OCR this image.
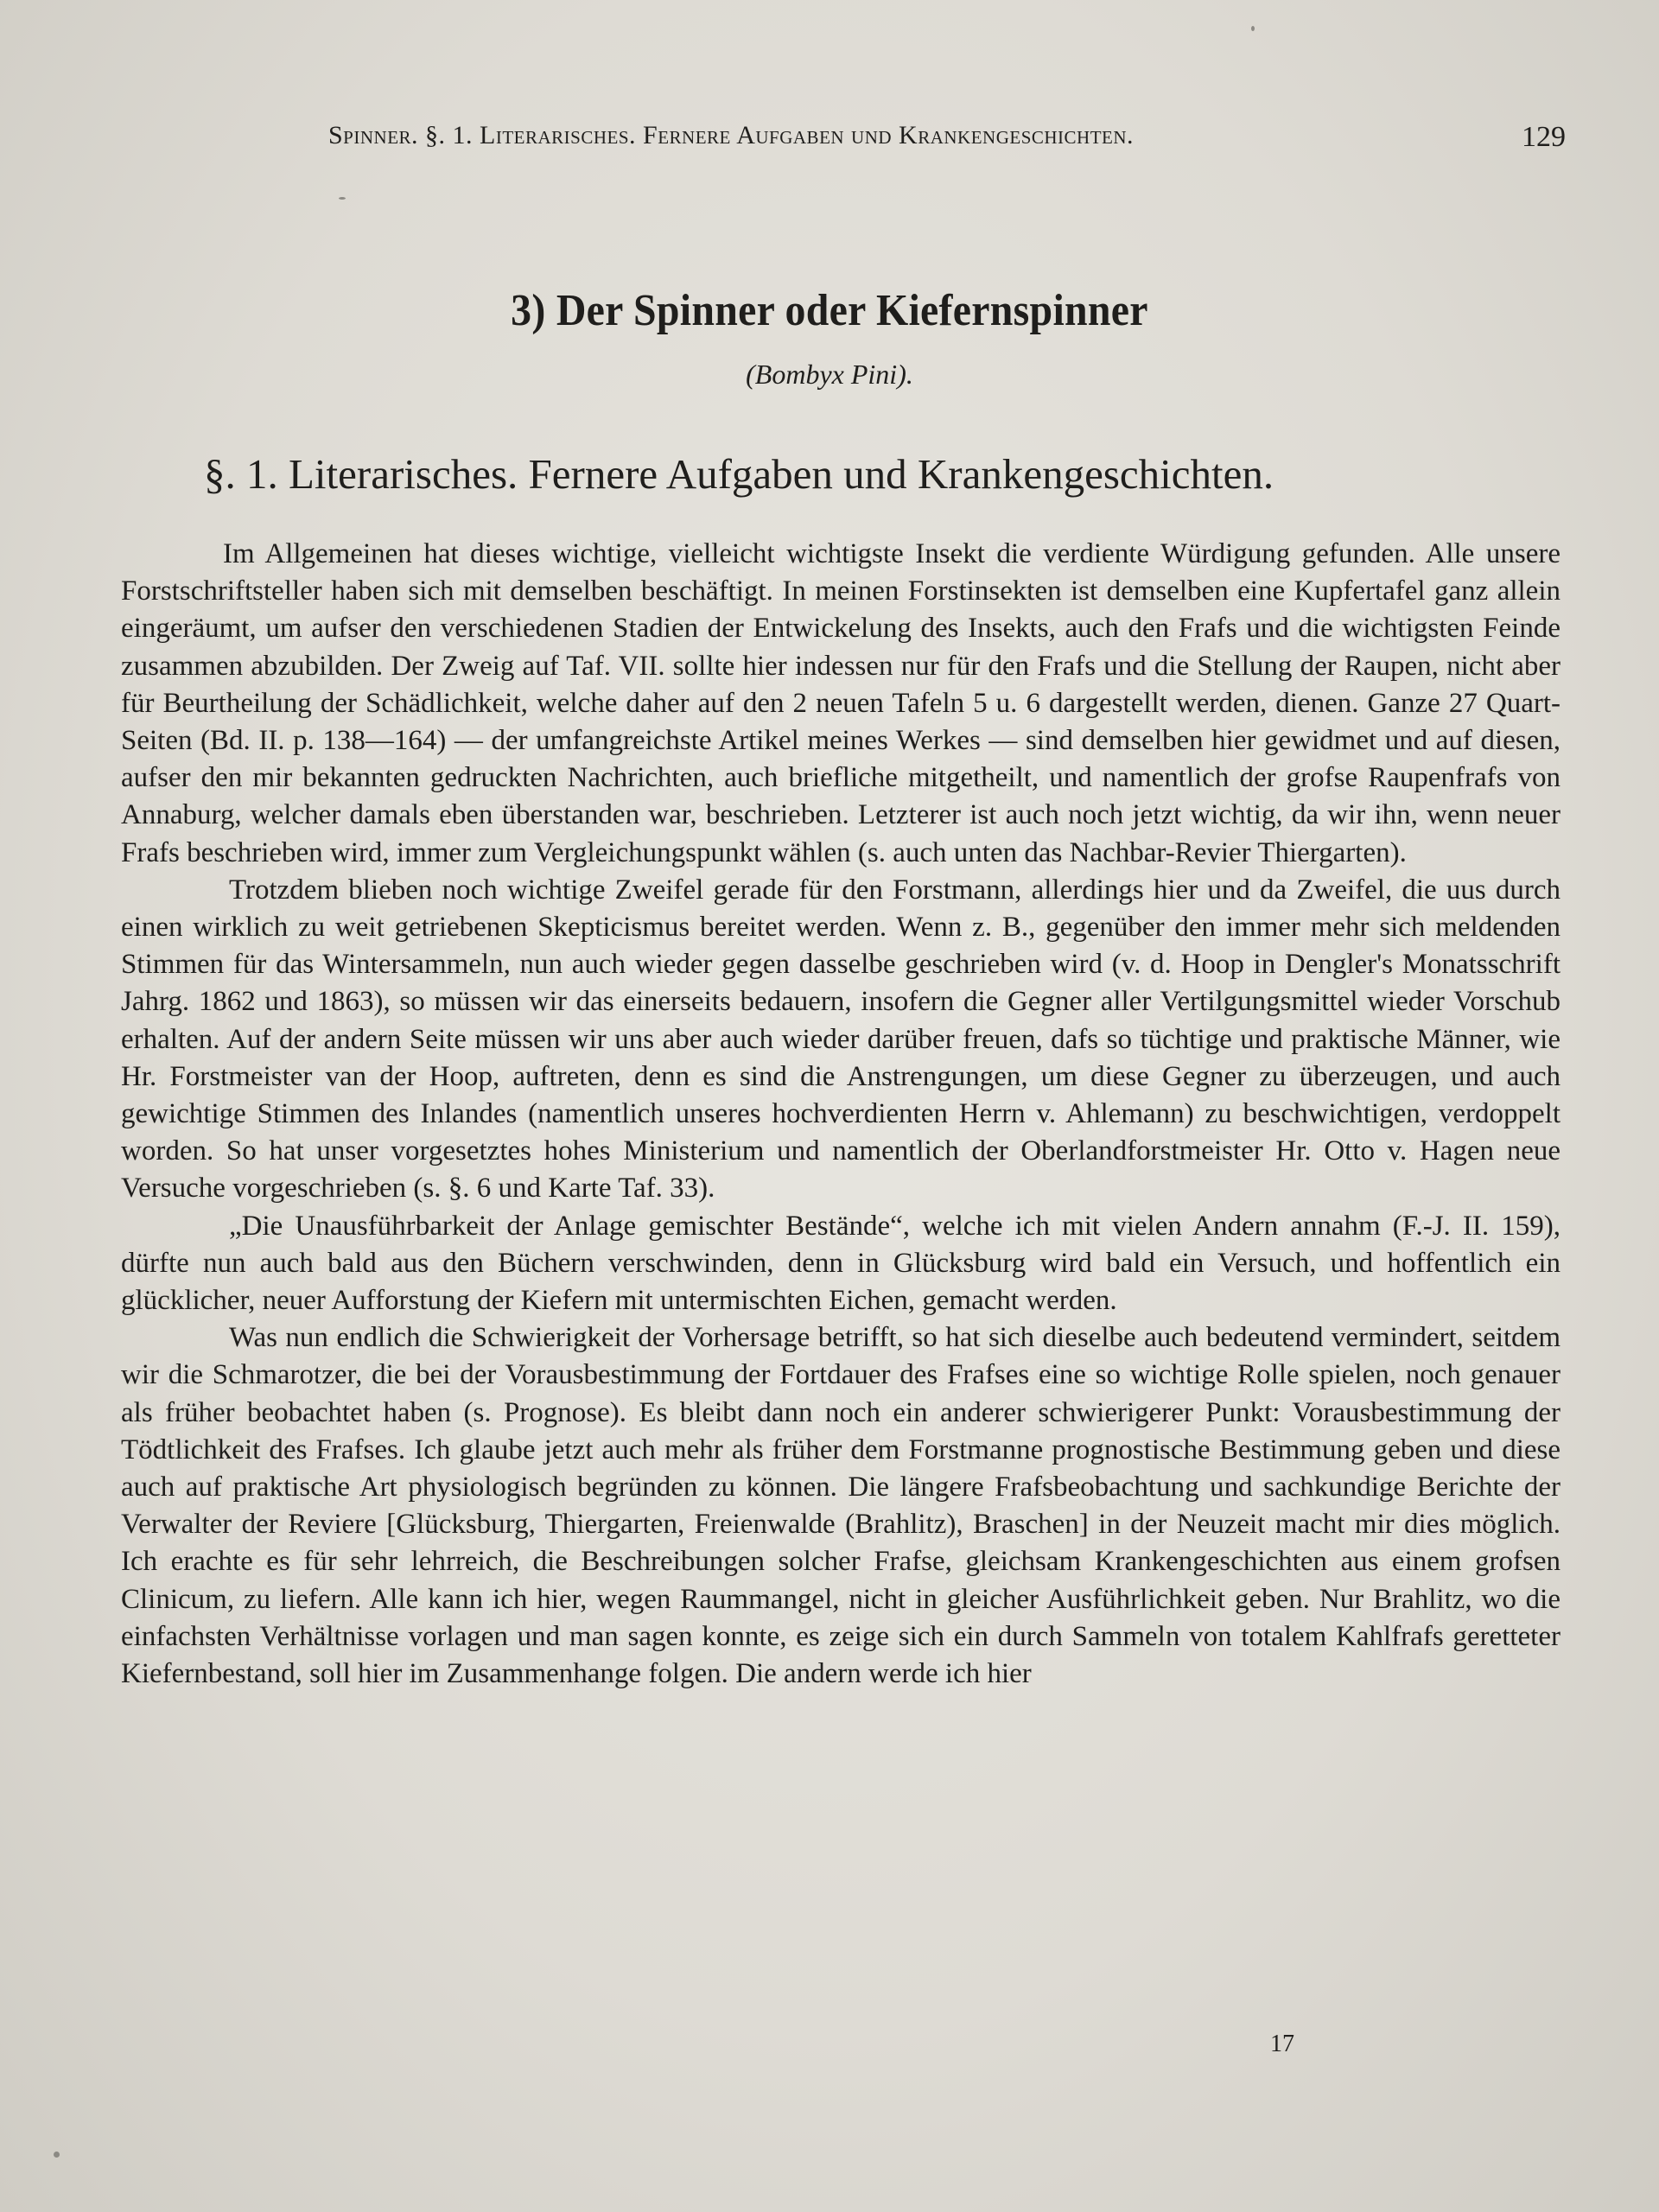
Spinner. §. 1. Literarisches. Fernere Aufgaben und Krankengeschichten.	129
3) Der Spinner oder Kiefernspinner
(Bombyx Pini).
§. 1. Literarisches. Fernere Aufgaben und Krankengeschichten.

Im Allgemeinen hat dieses wichtige, vielleicht wichtigste Insekt die verdiente Würdigung gefunden. Alle unsere Forstschriftsteller haben sich mit demselben beschäftigt. In meinen Forstinsekten ist demselben eine Kupfertafel ganz allein eingeräumt, um aufser den verschiedenen Stadien der Entwickelung des Insekts, auch den Frafs und die wichtigsten Feinde zusammen abzubilden. Der Zweig auf Taf. VII. sollte hier indessen nur für den Frafs und die Stellung der Raupen, nicht aber für Beurtheilung der Schädlichkeit, welche daher auf den 2 neuen Tafeln 5 u. 6 dargestellt werden, dienen. Ganze 27 Quart-Seiten (Bd. II. p. 138—164) — der umfangreichste Artikel meines Werkes — sind demselben hier gewidmet und auf diesen, aufser den mir bekannten gedruckten Nachrichten, auch briefliche mitgetheilt, und namentlich der grofse Raupenfrafs von Annaburg, welcher damals eben überstanden war, beschrieben. Letzterer ist auch noch jetzt wichtig, da wir ihn, wenn neuer Frafs beschrieben wird, immer zum Vergleichungspunkt wählen (s. auch unten das Nachbar-Revier Thiergarten).

Trotzdem blieben noch wichtige Zweifel gerade für den Forstmann, allerdings hier und da Zweifel, die uus durch einen wirklich zu weit getriebenen Skepticismus bereitet werden. Wenn z. B., gegenüber den immer mehr sich meldenden Stimmen für das Wintersammeln, nun auch wieder gegen dasselbe geschrieben wird (v. d. Hoop in Dengler's Monatsschrift Jahrg. 1862 und 1863), so müssen wir das einerseits bedauern, insofern die Gegner aller Vertilgungsmittel wieder Vorschub erhalten. Auf der andern Seite müssen wir uns aber auch wieder darüber freuen, dafs so tüchtige und praktische Männer, wie Hr. Forstmeister van der Hoop, auftreten, denn es sind die Anstrengungen, um diese Gegner zu überzeugen, und auch gewichtige Stimmen des Inlandes (namentlich unseres hochverdienten Herrn v. Ahlemann) zu beschwichtigen, verdoppelt worden. So hat unser vorgesetztes hohes Ministerium und namentlich der Oberlandforstmeister Hr. Otto v. Hagen neue Versuche vorgeschrieben (s. §. 6 und Karte Taf. 33).

„Die Unausführbarkeit der Anlage gemischter Bestände“, welche ich mit vielen Andern annahm (F.-J. II. 159), dürfte nun auch bald aus den Büchern verschwinden, denn in Glücksburg wird bald ein Versuch, und hoffentlich ein glücklicher, neuer Aufforstung der Kiefern mit untermischten Eichen, gemacht werden.

Was nun endlich die Schwierigkeit der Vorhersage betrifft, so hat sich dieselbe auch bedeutend vermindert, seitdem wir die Schmarotzer, die bei der Vorausbestimmung der Fortdauer des Frafses eine so wichtige Rolle spielen, noch genauer als früher beobachtet haben (s. Prognose). Es bleibt dann noch ein anderer schwierigerer Punkt: Vorausbestimmung der Tödtlichkeit des Frafses. Ich glaube jetzt auch mehr als früher dem Forstmanne prognostische Bestimmung geben und diese auch auf praktische Art physiologisch begründen zu können. Die längere Frafsbeobachtung und sachkundige Berichte der Verwalter der Reviere [Glücksburg, Thiergarten, Freienwalde (Brahlitz), Braschen] in der Neuzeit macht mir dies möglich. Ich erachte es für sehr lehrreich, die Beschreibungen solcher Frafse, gleichsam Krankengeschichten aus einem grofsen Clinicum, zu liefern. Alle kann ich hier, wegen Raummangel, nicht in gleicher Ausführlichkeit geben. Nur Brahlitz, wo die einfachsten Verhältnisse vorlagen und man sagen konnte, es zeige sich ein durch Sammeln von totalem Kahlfrafs geretteter Kiefernbestand, soll hier im Zusammenhange folgen. Die andern werde ich hier

17
